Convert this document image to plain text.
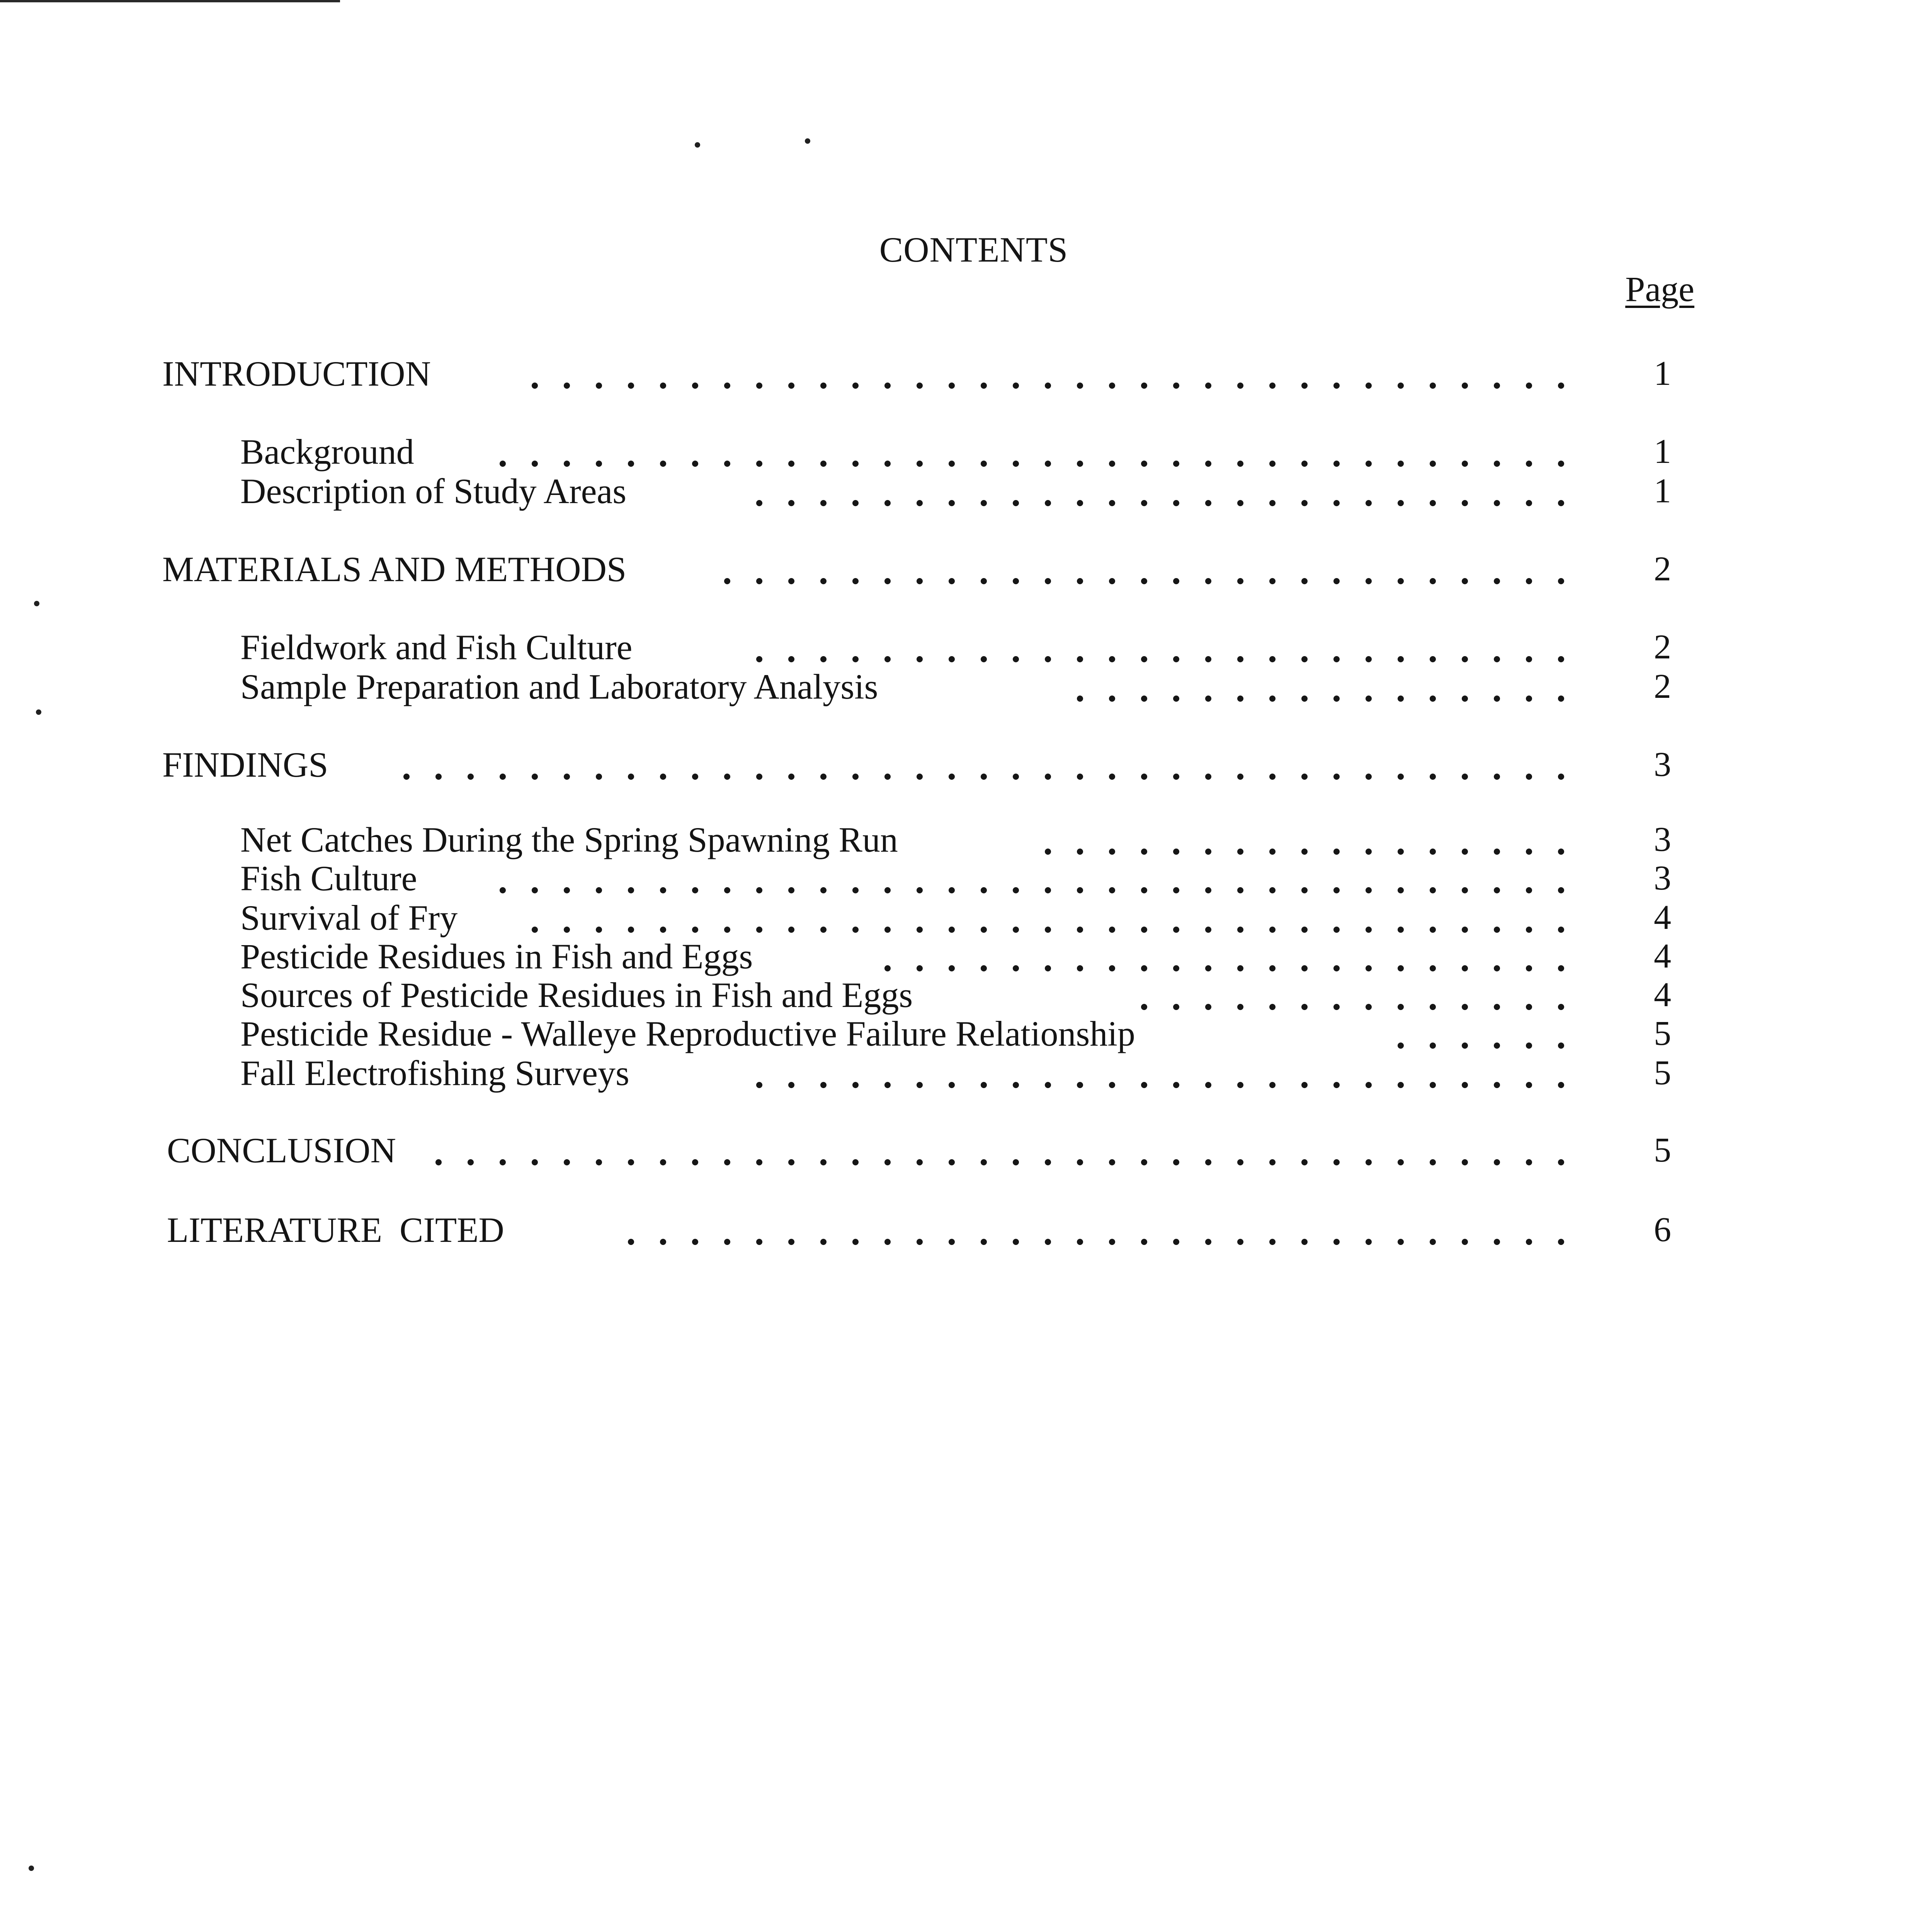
CONTENTS
Page
INTRODUCTION	1
Background	1
Description of Study Areas	1
MATERIALS AND METHODS	2
Fieldwork and Fish Culture	2
Sample Preparation and Laboratory Analysis	2
FINDINGS	3
Net Catches During the Spring Spawning Run	3
Fish Culture	3
Survival of Fry	4
Pesticide Residues in Fish and Eggs	4
Sources of Pesticide Residues in Fish and Eggs	4
Pesticide Residue - Walleye Reproductive Failure Relationship	5
Fall Electrofishing Surveys	5
CONCLUSION	5
LITERATURE CITED	6
